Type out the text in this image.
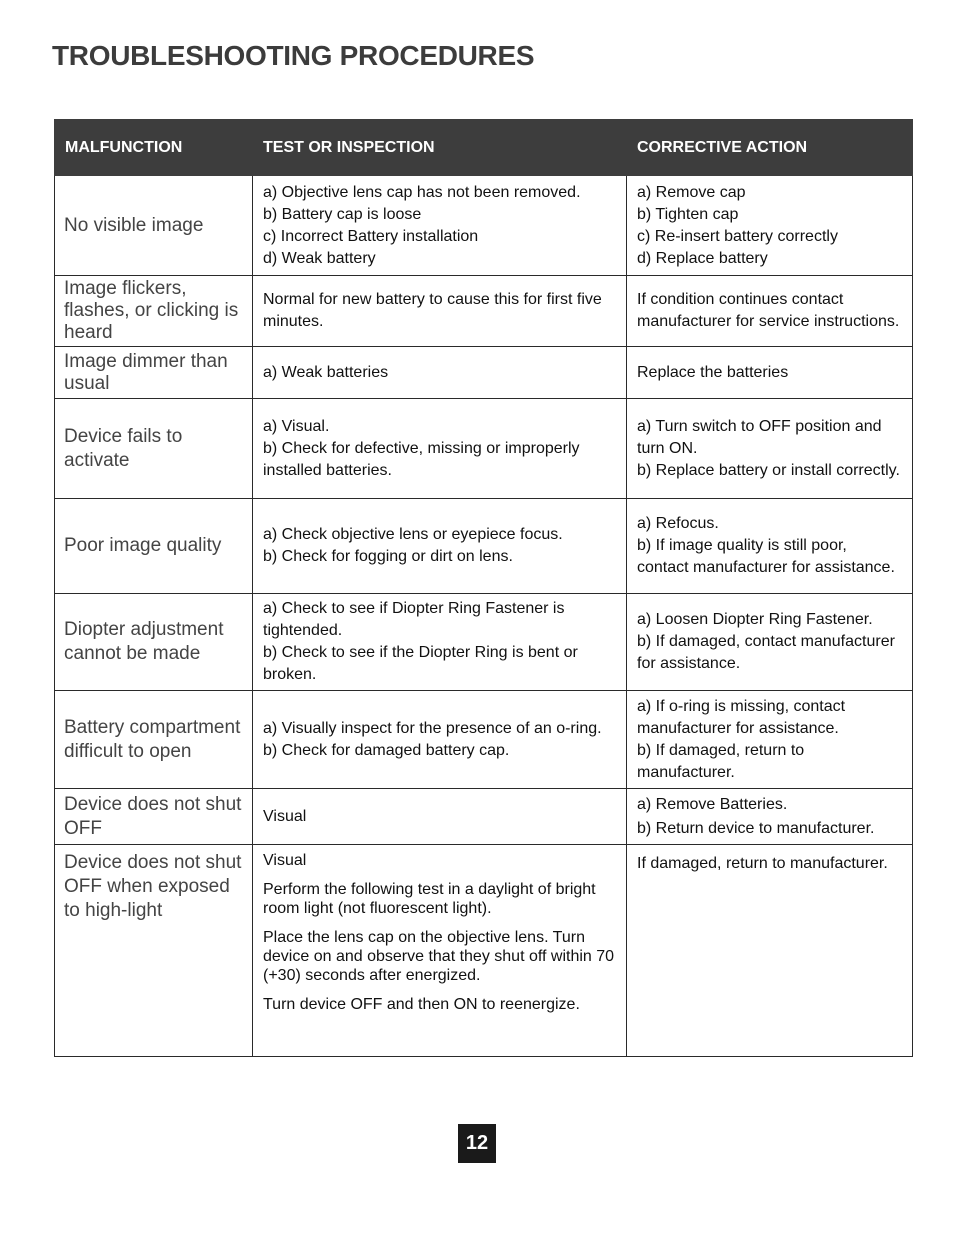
TROUBLESHOOTING PROCEDURES
MALFUNCTION	TEST OR INSPECTION	CORRECTIVE ACTION

No visible image	a) Objective lens cap has not been removed.
b) Battery cap is loose
c) Incorrect Battery installation
d) Weak battery	a) Remove cap
b) Tighten cap
c) Re-insert battery correctly
d) Replace battery

Image flickers, flashes, or clicking is heard	Normal for new battery to cause this for first five minutes.	If condition continues contact manufacturer for service instructions.

Image dimmer than usual	a) Weak batteries	Replace the batteries

Device fails to activate	a) Visual.
b) Check for defective, missing or improperly installed batteries.	a) Turn switch to OFF position and turn ON.
b) Replace battery or install correctly.

Poor image quality	a) Check objective lens or eyepiece focus.
b) Check for fogging or dirt on lens.	a) Refocus.
b) If image quality is still poor, contact manufacturer for assistance.

Diopter adjustment cannot be made	a) Check to see if Diopter Ring Fastener is tightended.
b) Check to see if the Diopter Ring is bent or broken.	a) Loosen Diopter Ring Fastener.
b) If damaged, contact manufacturer for assistance.

Battery compartment difficult to open	a) Visually inspect for the presence of an o-ring.
b) Check for damaged battery cap.	a) If o-ring is missing, contact manufacturer for assistance.
b) If damaged, return to manufacturer.

Device does not shut OFF	Visual	a) Remove Batteries.
b) Return device to manufacturer.

Device does not shut OFF when exposed to high-light	Visual
Perform the following test in a daylight of bright room light (not fluorescent light).
Place the lens cap on the objective lens. Turn device on and observe that they shut off within 70 (+30) seconds after energized.
Turn device OFF and then ON to reenergize.	If damaged, return to manufacturer.
12
